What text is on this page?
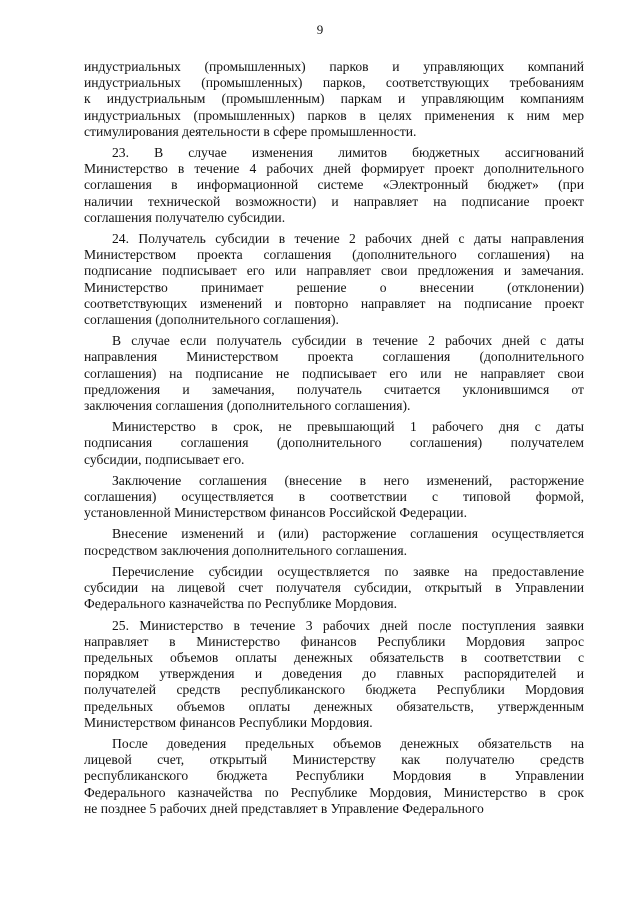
9
индустриальных (промышленных) парков и управляющих компаний
индустриальных (промышленных) парков, соответствующих требованиям
к индустриальным (промышленным) паркам и управляющим компаниям
индустриальных (промышленных) парков в целях применения к ним мер
стимулирования деятельности в сфере промышленности.
23. В случае изменения лимитов бюджетных ассигнований
Министерство в течение 4 рабочих дней формирует проект дополнительного
соглашения в информационной системе «Электронный бюджет» (при
наличии технической возможности) и направляет на подписание проект
соглашения получателю субсидии.
24. Получатель субсидии в течение 2 рабочих дней с даты направления
Министерством проекта соглашения (дополнительного соглашения) на
подписание подписывает его или направляет свои предложения и замечания.
Министерство принимает решение о внесении (отклонении)
соответствующих изменений и повторно направляет на подписание проект
соглашения (дополнительного соглашения).
В случае если получатель субсидии в течение 2 рабочих дней с даты
направления Министерством проекта соглашения (дополнительного
соглашения) на подписание не подписывает его или не направляет свои
предложения и замечания, получатель считается уклонившимся от
заключения соглашения (дополнительного соглашения).
Министерство в срок, не превышающий 1 рабочего дня с даты
подписания соглашения (дополнительного соглашения) получателем
субсидии, подписывает его.
Заключение соглашения (внесение в него изменений, расторжение
соглашения) осуществляется в соответствии с типовой формой,
установленной Министерством финансов Российской Федерации.
Внесение изменений и (или) расторжение соглашения осуществляется
посредством заключения дополнительного соглашения.
Перечисление субсидии осуществляется по заявке на предоставление
субсидии на лицевой счет получателя субсидии, открытый в Управлении
Федерального казначейства по Республике Мордовия.
25. Министерство в течение 3 рабочих дней после поступления заявки
направляет в Министерство финансов Республики Мордовия запрос
предельных объемов оплаты денежных обязательств в соответствии с
порядком утверждения и доведения до главных распорядителей и
получателей средств республиканского бюджета Республики Мордовия
предельных объемов оплаты денежных обязательств, утвержденным
Министерством финансов Республики Мордовия.
После доведения предельных объемов денежных обязательств на
лицевой счет, открытый Министерству как получателю средств
республиканского бюджета Республики Мордовия в Управлении
Федерального казначейства по Республике Мордовия, Министерство в срок
не позднее 5 рабочих дней представляет в Управление Федерального
